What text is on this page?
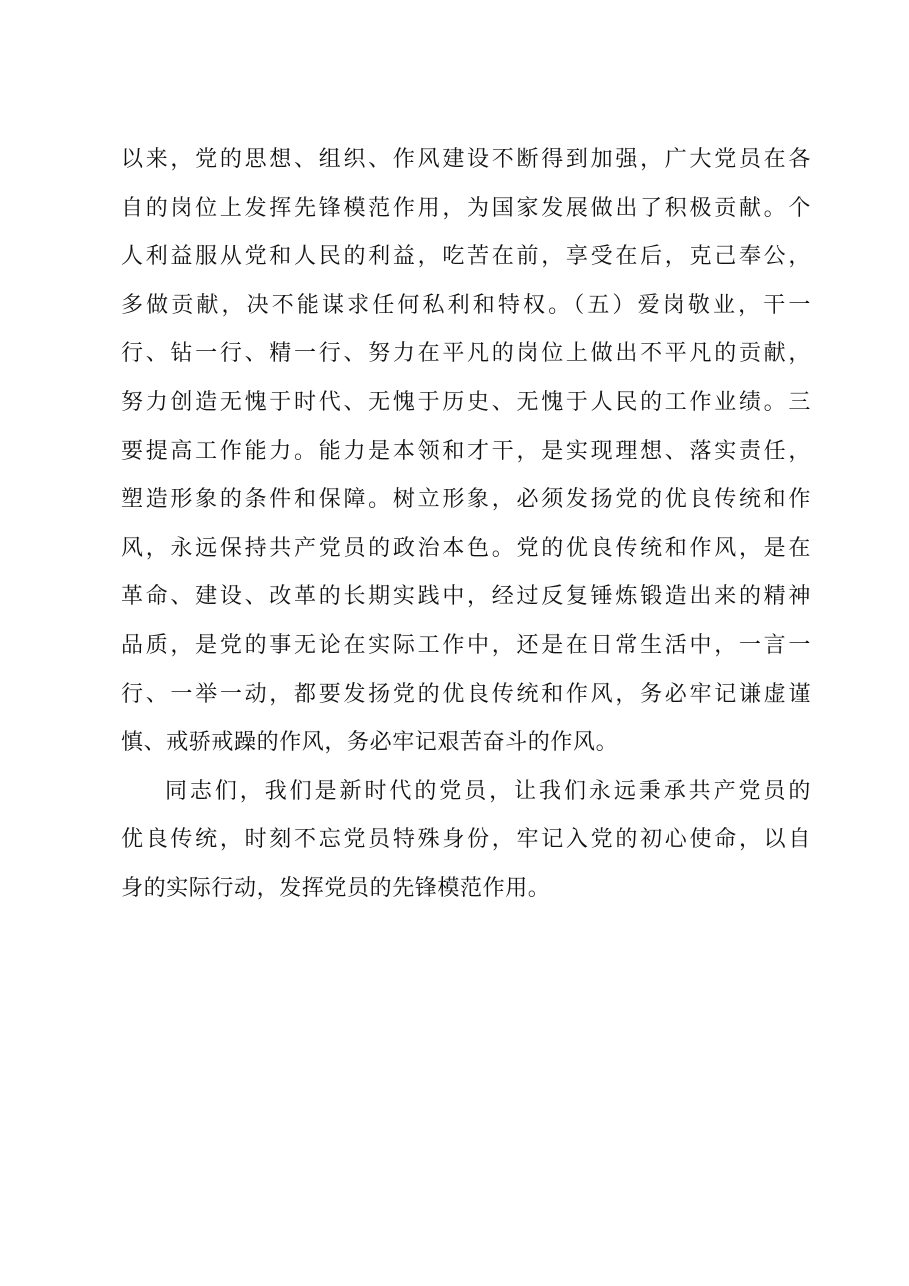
以来，党的思想、组织、作风建设不断得到加强，广大党员在各
自的岗位上发挥先锋模范作用，为国家发展做出了积极贡献。个
人利益服从党和人民的利益，吃苦在前，享受在后，克己奉公，
多做贡献，决不能谋求任何私利和特权。（五）爱岗敬业，干一
行、钻一行、精一行、努力在平凡的岗位上做出不平凡的贡献，
努力创造无愧于时代、无愧于历史、无愧于人民的工作业绩。三
要提高工作能力。能力是本领和才干，是实现理想、落实责任，
塑造形象的条件和保障。树立形象，必须发扬党的优良传统和作
风，永远保持共产党员的政治本色。党的优良传统和作风，是在
革命、建设、改革的长期实践中，经过反复锤炼锻造出来的精神
品质，是党的事无论在实际工作中，还是在日常生活中，一言一
行、一举一动，都要发扬党的优良传统和作风，务必牢记谦虚谨
慎、戒骄戒躁的作风，务必牢记艰苦奋斗的作风。
同志们，我们是新时代的党员，让我们永远秉承共产党员的
优良传统，时刻不忘党员特殊身份，牢记入党的初心使命，以自
身的实际行动，发挥党员的先锋模范作用。
